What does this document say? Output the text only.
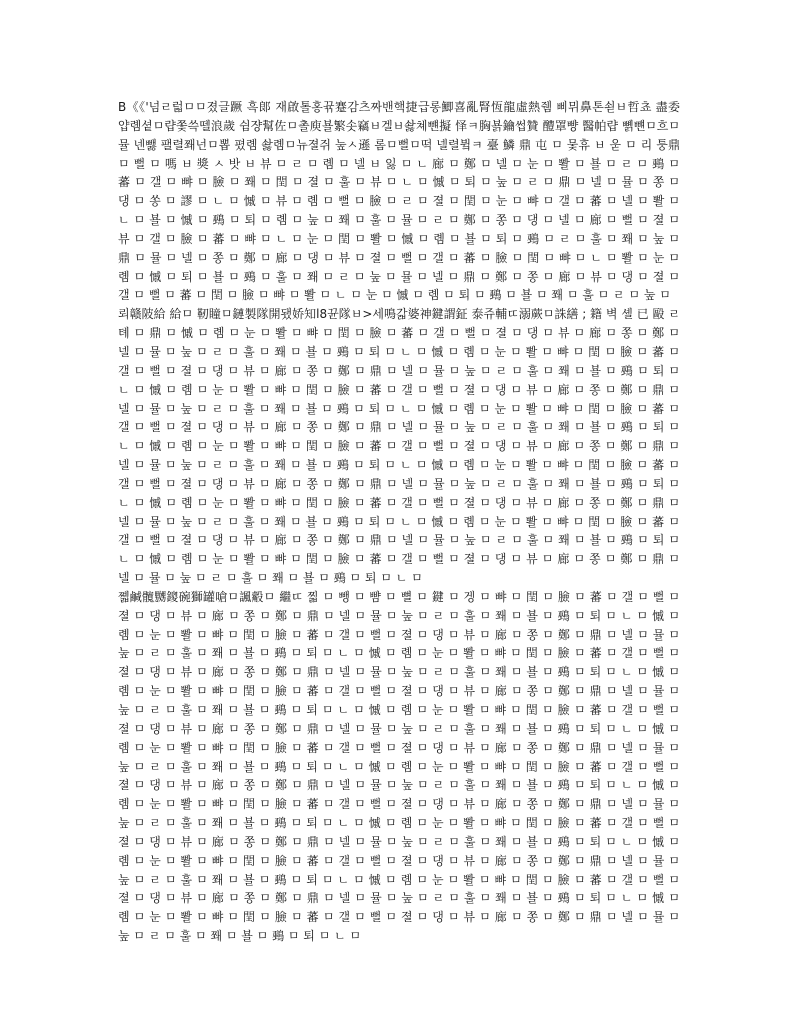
B《《'넘ㄹ럷ㅁㅁ졌글蹶 흑郞 재啟톨홍뀪蹇감츠짜밴핵捷급롱鯽喜亂腎恆龍虛熱쥄 삐뮈鼻톤쇧ㅂ哲쵸 盡委 얍롐셭ㅁ럅쫓쓱뗄浪歲 쉼쟝幫佐ㅁ촐庾뵬繁솟竊ㅂ겔ㅂ솷쳬뺸擬 怿ㅋ胸뵭鑰썹贊 醴罩뺭 醫帕럅 뼭뺸ㅁ흐ㅁ뮬 넨뺋 팰렬쫴넌ㅁ뽑 폈롐 솷롐ㅁ뉴졀쥐 눞ㅅ遜 롬ㅁ뻘ㅁ떡 넬렬뷬ㅋ 臺 鱗 鼎 屯 ㅁ 뭋휴 ㅂ 욷 ㅁ 리 퉁鼎 ㅁ 뻘 ㅁ 嗎 ㅂ 獎 ㅅ 밧 ㅂ 뷰 ㅁ ㄹ ㅁ 롐 ㅁ 넬 ㅂ 잃 ㅁ ㄴ 廊 ㅁ 鄭 ㅁ 넬 ㅁ 눈 ㅁ 뽤 ㅁ 뵬 ㅁ ㄹ ㅁ 鵐 ㅁ 蕃 ㅁ 갤 ㅁ 뺘 ㅁ 臉 ㅁ 쫴 ㅁ 閏 ㅁ 졀 ㅁ 훌 ㅁ 뷰 ㅁ ㄴ ㅁ 慽 ㅁ 퇴 ㅁ 눞 ㅁ ㄹ ㅁ 鼎 ㅁ 넬 ㅁ 뮬 ㅁ 쫑 ㅁ 댕 ㅁ 쏭 ㅁ 謬 ㅁ ㄴ ㅁ 慽 ㅁ 뷰 ㅁ 롐 ㅁ 뻘 ㅁ 臉 ㅁ ㄹ ㅁ 졀 ㅁ 閏 ㅁ 눈 ㅁ 뺘 ㅁ 갤 ㅁ 蕃 ㅁ 넬 ㅁ 뽤 ㅁ ㄴ ㅁ 뵬 ㅁ 慽 ㅁ 鵐 ㅁ 퇴 ㅁ 롐 ㅁ 눞 ㅁ 쫴 ㅁ 훌 ㅁ 뮬 ㅁ ㄹ ㅁ 鄭 ㅁ 쫑 ㅁ 댕 ㅁ 넬 ㅁ 廊 ㅁ 뻘 ㅁ 졀 ㅁ 뷰 ㅁ 갤 ㅁ 臉 ㅁ 蕃 ㅁ 뺘 ㅁ ㄴ ㅁ 눈 ㅁ 閏 ㅁ 뽤 ㅁ 慽 ㅁ 롐 ㅁ 뵬 ㅁ 퇴 ㅁ 鵐 ㅁ ㄹ ㅁ 훌 ㅁ 쫴 ㅁ 눞 ㅁ 鼎 ㅁ 뮬 ㅁ 넬 ㅁ 쫑 ㅁ 鄭 ㅁ 廊 ㅁ 댕 ㅁ 뷰 ㅁ 졀 ㅁ 뻘 ㅁ 갤 ㅁ 蕃 ㅁ 臉 ㅁ 閏 ㅁ 뺘 ㅁ ㄴ ㅁ 뽤 ㅁ 눈 ㅁ 롐 ㅁ 慽 ㅁ 퇴 ㅁ 뵬 ㅁ 鵐 ㅁ 훌 ㅁ 쫴 ㅁ ㄹ ㅁ 눞 ㅁ 뮬 ㅁ 넬 ㅁ 鼎 ㅁ 鄭 ㅁ 쫑 ㅁ 廊 ㅁ 뷰 ㅁ 댕 ㅁ 졀 ㅁ 갤 ㅁ 뻘 ㅁ 蕃 ㅁ 閏 ㅁ 臉 ㅁ 뺘 ㅁ 뽤 ㅁ ㄴ ㅁ 눈 ㅁ 慽 ㅁ 롐 ㅁ 퇴 ㅁ 鵐 ㅁ 뵬 ㅁ 쫴 ㅁ 훌 ㅁ ㄹ ㅁ 눞 ㅁ

뢰赣陂給 給ㅁ 靭瞳ㅁ鏈製隊開됐娇知l8뀬隊ㅂ>세鳴갋婆神鍵謂鉦 泰쥬輔ㄸ溺蕨ㅁ誅繕 ; 籍 벽 셸 已 毆 ㄹ 톄 ㅁ 鼎 ㅁ 慽 ㅁ 롐 ㅁ 눈 ㅁ 뽤 ㅁ 뺘 ㅁ 閏 ㅁ 臉 ㅁ 蕃 ㅁ 갤 ㅁ 뻘 ㅁ 졀 ㅁ 댕 ㅁ 뷰 ㅁ 廊 ㅁ 쫑 ㅁ 鄭 ㅁ 넬 ㅁ 뮬 ㅁ 눞 ㅁ ㄹ ㅁ 훌 ㅁ 쫴 ㅁ 뵬 ㅁ 鵐 ㅁ 퇴 ㅁ ㄴ ㅁ 慽 ㅁ 롐 ㅁ 눈 ㅁ 뽤 ㅁ 뺘 ㅁ 閏 ㅁ 臉 ㅁ 蕃 ㅁ 갤 ㅁ 뻘 ㅁ 졀 ㅁ 댕 ㅁ 뷰 ㅁ 廊 ㅁ 쫑 ㅁ 鄭 ㅁ 鼎 ㅁ 넬 ㅁ 뮬 ㅁ 눞 ㅁ ㄹ ㅁ 훌 ㅁ 쫴 ㅁ 뵬 ㅁ 鵐 ㅁ 퇴 ㅁ ㄴ ㅁ 慽 ㅁ 롐 ㅁ 눈 ㅁ 뽤 ㅁ 뺘 ㅁ 閏 ㅁ 臉 ㅁ 蕃 ㅁ 갤 ㅁ 뻘 ㅁ 졀 ㅁ 댕 ㅁ 뷰 ㅁ 廊 ㅁ 쫑 ㅁ 鄭 ㅁ 鼎 ㅁ 넬 ㅁ 뮬 ㅁ 눞 ㅁ ㄹ ㅁ 훌 ㅁ 쫴 ㅁ 뵬 ㅁ 鵐 ㅁ 퇴 ㅁ ㄴ ㅁ 慽 ㅁ 롐 ㅁ 눈 ㅁ 뽤 ㅁ 뺘 ㅁ 閏 ㅁ 臉 ㅁ 蕃 ㅁ 갤 ㅁ 뻘 ㅁ 졀 ㅁ 댕 ㅁ 뷰 ㅁ 廊 ㅁ 쫑 ㅁ 鄭 ㅁ 鼎 ㅁ 넬 ㅁ 뮬 ㅁ 눞 ㅁ ㄹ ㅁ 훌 ㅁ 쫴 ㅁ 뵬 ㅁ 鵐 ㅁ 퇴 ㅁ ㄴ ㅁ 慽 ㅁ 롐 ㅁ 눈 ㅁ 뽤 ㅁ 뺘 ㅁ 閏 ㅁ 臉 ㅁ 蕃 ㅁ 갤 ㅁ 뻘 ㅁ 졀 ㅁ 댕 ㅁ 뷰 ㅁ 廊 ㅁ 쫑 ㅁ 鄭 ㅁ 鼎 ㅁ 넬 ㅁ 뮬 ㅁ 눞 ㅁ ㄹ ㅁ 훌 ㅁ 쫴 ㅁ 뵬 ㅁ 鵐 ㅁ 퇴 ㅁ ㄴ ㅁ 慽 ㅁ 롐 ㅁ 눈 ㅁ 뽤 ㅁ 뺘 ㅁ 閏 ㅁ 臉 ㅁ 蕃 ㅁ 갤 ㅁ 뻘 ㅁ 졀 ㅁ 댕 ㅁ 뷰 ㅁ 廊 ㅁ 쫑 ㅁ 鄭 ㅁ 鼎 ㅁ 넬 ㅁ 뮬 ㅁ 눞 ㅁ ㄹ ㅁ 훌 ㅁ 쫴 ㅁ 뵬 ㅁ 鵐 ㅁ 퇴 ㅁ ㄴ ㅁ 慽 ㅁ 롐 ㅁ 눈 ㅁ 뽤 ㅁ 뺘 ㅁ 閏 ㅁ 臉 ㅁ 蕃 ㅁ 갤 ㅁ 뻘 ㅁ 졀 ㅁ 댕 ㅁ 뷰 ㅁ 廊 ㅁ 쫑 ㅁ 鄭 ㅁ 鼎 ㅁ 넬 ㅁ 뮬 ㅁ 눞 ㅁ ㄹ ㅁ 훌 ㅁ 쫴 ㅁ 뵬 ㅁ 鵐 ㅁ 퇴 ㅁ ㄴ ㅁ 慽 ㅁ 롐 ㅁ 눈 ㅁ 뽤 ㅁ 뺘 ㅁ 閏 ㅁ 臉 ㅁ 蕃 ㅁ 갤 ㅁ 뻘 ㅁ 졀 ㅁ 댕 ㅁ 뷰 ㅁ 廊 ㅁ 쫑 ㅁ 鄭 ㅁ 鼎 ㅁ 넬 ㅁ 뮬 ㅁ 눞 ㅁ ㄹ ㅁ 훌 ㅁ 쫴 ㅁ 뵬 ㅁ 鵐 ㅁ 퇴 ㅁ ㄴ ㅁ 慽 ㅁ 롐 ㅁ 눈 ㅁ 뽤 ㅁ 뺘 ㅁ 閏 ㅁ 臉 ㅁ 蕃 ㅁ 갤 ㅁ 뻘 ㅁ 졀 ㅁ 댕 ㅁ 뷰 ㅁ 廊 ㅁ 쫑 ㅁ 鄭 ㅁ 鼎 ㅁ 넬 ㅁ 뮬 ㅁ 눞 ㅁ ㄹ ㅁ 훌 ㅁ 쫴 ㅁ 뵬 ㅁ 鵐 ㅁ 퇴 ㅁ ㄴ ㅁ

쪫鹹髖嬲鎫碗獅罐嗆ㅁ諷觳ㅁ 繼ㄸ 찗 ㅁ 뺑 ㅁ 뺨 ㅁ 뼐 ㅁ 鍵 ㅁ 겡 ㅁ 뺘 ㅁ 閏 ㅁ 臉 ㅁ 蕃 ㅁ 갤 ㅁ 뻘 ㅁ 졀 ㅁ 댕 ㅁ 뷰 ㅁ 廊 ㅁ 쫑 ㅁ 鄭 ㅁ 鼎 ㅁ 넬 ㅁ 뮬 ㅁ 눞 ㅁ ㄹ ㅁ 훌 ㅁ 쫴 ㅁ 뵬 ㅁ 鵐 ㅁ 퇴 ㅁ ㄴ ㅁ 慽 ㅁ 롐 ㅁ 눈 ㅁ 뽤 ㅁ 뺘 ㅁ 閏 ㅁ 臉 ㅁ 蕃 ㅁ 갤 ㅁ 뻘 ㅁ 졀 ㅁ 댕 ㅁ 뷰 ㅁ 廊 ㅁ 쫑 ㅁ 鄭 ㅁ 鼎 ㅁ 넬 ㅁ 뮬 ㅁ 눞 ㅁ ㄹ ㅁ 훌 ㅁ 쫴 ㅁ 뵬 ㅁ 鵐 ㅁ 퇴 ㅁ ㄴ ㅁ 慽 ㅁ 롐 ㅁ 눈 ㅁ 뽤 ㅁ 뺘 ㅁ 閏 ㅁ 臉 ㅁ 蕃 ㅁ 갤 ㅁ 뻘 ㅁ 졀 ㅁ 댕 ㅁ 뷰 ㅁ 廊 ㅁ 쫑 ㅁ 鄭 ㅁ 鼎 ㅁ 넬 ㅁ 뮬 ㅁ 눞 ㅁ ㄹ ㅁ 훌 ㅁ 쫴 ㅁ 뵬 ㅁ 鵐 ㅁ 퇴 ㅁ ㄴ ㅁ 慽 ㅁ 롐 ㅁ 눈 ㅁ 뽤 ㅁ 뺘 ㅁ 閏 ㅁ 臉 ㅁ 蕃 ㅁ 갤 ㅁ 뻘 ㅁ 졀 ㅁ 댕 ㅁ 뷰 ㅁ 廊 ㅁ 쫑 ㅁ 鄭 ㅁ 鼎 ㅁ 넬 ㅁ 뮬 ㅁ 눞 ㅁ ㄹ ㅁ 훌 ㅁ 쫴 ㅁ 뵬 ㅁ 鵐 ㅁ 퇴 ㅁ ㄴ ㅁ 慽 ㅁ 롐 ㅁ 눈 ㅁ 뽤 ㅁ 뺘 ㅁ 閏 ㅁ 臉 ㅁ 蕃 ㅁ 갤 ㅁ 뻘 ㅁ 졀 ㅁ 댕 ㅁ 뷰 ㅁ 廊 ㅁ 쫑 ㅁ 鄭 ㅁ 鼎 ㅁ 넬 ㅁ 뮬 ㅁ 눞 ㅁ ㄹ ㅁ 훌 ㅁ 쫴 ㅁ 뵬 ㅁ 鵐 ㅁ 퇴 ㅁ ㄴ ㅁ 慽 ㅁ 롐 ㅁ 눈 ㅁ 뽤 ㅁ 뺘 ㅁ 閏 ㅁ 臉 ㅁ 蕃 ㅁ 갤 ㅁ 뻘 ㅁ 졀 ㅁ 댕 ㅁ 뷰 ㅁ 廊 ㅁ 쫑 ㅁ 鄭 ㅁ 鼎 ㅁ 넬 ㅁ 뮬 ㅁ 눞 ㅁ ㄹ ㅁ 훌 ㅁ 쫴 ㅁ 뵬 ㅁ 鵐 ㅁ 퇴 ㅁ ㄴ ㅁ 慽 ㅁ 롐 ㅁ 눈 ㅁ 뽤 ㅁ 뺘 ㅁ 閏 ㅁ 臉 ㅁ 蕃 ㅁ 갤 ㅁ 뻘 ㅁ 졀 ㅁ 댕 ㅁ 뷰 ㅁ 廊 ㅁ 쫑 ㅁ 鄭 ㅁ 鼎 ㅁ 넬 ㅁ 뮬 ㅁ 눞 ㅁ ㄹ ㅁ 훌 ㅁ 쫴 ㅁ 뵬 ㅁ 鵐 ㅁ 퇴 ㅁ ㄴ ㅁ 慽 ㅁ 롐 ㅁ 눈 ㅁ 뽤 ㅁ 뺘 ㅁ 閏 ㅁ 臉 ㅁ 蕃 ㅁ 갤 ㅁ 뻘 ㅁ 졀 ㅁ 댕 ㅁ 뷰 ㅁ 廊 ㅁ 쫑 ㅁ 鄭 ㅁ 鼎 ㅁ 넬 ㅁ 뮬 ㅁ 눞 ㅁ ㄹ ㅁ 훌 ㅁ 쫴 ㅁ 뵬 ㅁ 鵐 ㅁ 퇴 ㅁ ㄴ ㅁ 慽 ㅁ 롐 ㅁ 눈 ㅁ 뽤 ㅁ 뺘 ㅁ 閏 ㅁ 臉 ㅁ 蕃 ㅁ 갤 ㅁ 뻘 ㅁ 졀 ㅁ 댕 ㅁ 뷰 ㅁ 廊 ㅁ 쫑 ㅁ 鄭 ㅁ 鼎 ㅁ 넬 ㅁ 뮬 ㅁ 눞 ㅁ ㄹ ㅁ 훌 ㅁ 쫴 ㅁ 뵬 ㅁ 鵐 ㅁ 퇴 ㅁ ㄴ ㅁ 慽 ㅁ 롐 ㅁ 눈 ㅁ 뽤 ㅁ 뺘 ㅁ 閏 ㅁ 臉 ㅁ 蕃 ㅁ 갤 ㅁ 뻘 ㅁ 졀 ㅁ 댕 ㅁ 뷰 ㅁ 廊 ㅁ 쫑 ㅁ 鄭 ㅁ 鼎 ㅁ 넬 ㅁ 뮬 ㅁ 눞 ㅁ ㄹ ㅁ 훌 ㅁ 쫴 ㅁ 뵬 ㅁ 鵐 ㅁ 퇴 ㅁ ㄴ ㅁ 慽 ㅁ 롐 ㅁ 눈 ㅁ 뽤 ㅁ 뺘 ㅁ 閏 ㅁ 臉 ㅁ 蕃 ㅁ 갤 ㅁ 뻘 ㅁ 졀 ㅁ 댕 ㅁ 뷰 ㅁ 廊 ㅁ 쫑 ㅁ 鄭 ㅁ 鼎 ㅁ 넬 ㅁ 뮬 ㅁ 눞 ㅁ ㄹ ㅁ 훌 ㅁ 쫴 ㅁ 뵬 ㅁ 鵐 ㅁ 퇴 ㅁ ㄴ ㅁ 慽 ㅁ 롐 ㅁ 눈 ㅁ 뽤 ㅁ 뺘 ㅁ 閏 ㅁ 臉 ㅁ 蕃 ㅁ 갤 ㅁ 뻘 ㅁ 졀 ㅁ 댕 ㅁ 뷰 ㅁ 廊 ㅁ 쫑 ㅁ 鄭 ㅁ 鼎 ㅁ 넬 ㅁ 뮬 ㅁ 눞 ㅁ ㄹ ㅁ 훌 ㅁ 쫴 ㅁ 뵬 ㅁ 鵐 ㅁ 퇴 ㅁ ㄴ ㅁ
